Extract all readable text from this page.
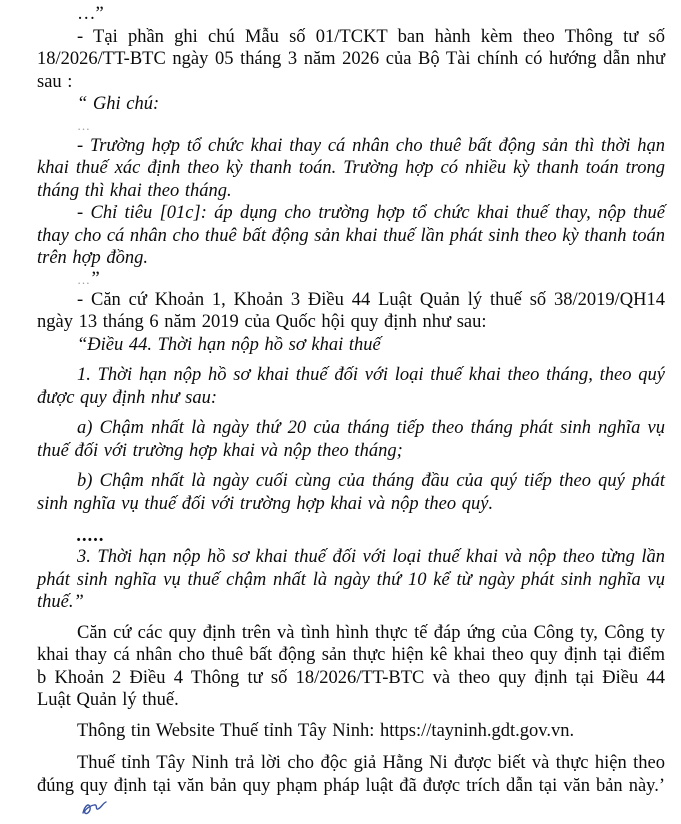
…”

- Tại phần ghi chú Mẫu số 01/TCKT ban hành kèm theo Thông tư số 18/2026/TT-BTC ngày 05 tháng 3 năm 2026 của Bộ Tài chính có hướng dẫn như sau :

“ Ghi chú:

…

- Trường hợp tổ chức khai thay cá nhân cho thuê bất động sản thì thời hạn khai thuế xác định theo kỳ thanh toán. Trường hợp có nhiều kỳ thanh toán trong tháng thì khai theo tháng.

- Chỉ tiêu [01c]: áp dụng cho trường hợp tổ chức khai thuế thay, nộp thuế thay cho cá nhân cho thuê bất động sản khai thuế lần phát sinh theo kỳ thanh toán trên hợp đồng.

…”

- Căn cứ Khoản 1, Khoản 3 Điều 44 Luật Quản lý thuế số 38/2019/QH14 ngày 13 tháng 6 năm 2019 của Quốc hội quy định như sau:

“Điều 44. Thời hạn nộp hồ sơ khai thuế

1. Thời hạn nộp hồ sơ khai thuế đối với loại thuế khai theo tháng, theo quý được quy định như sau:

a) Chậm nhất là ngày thứ 20 của tháng tiếp theo tháng phát sinh nghĩa vụ thuế đối với trường hợp khai và nộp theo tháng;

b) Chậm nhất là ngày cuối cùng của tháng đầu của quý tiếp theo quý phát sinh nghĩa vụ thuế đối với trường hợp khai và nộp theo quý.

.....

3. Thời hạn nộp hồ sơ khai thuế đối với loại thuế khai và nộp theo từng lần phát sinh nghĩa vụ thuế chậm nhất là ngày thứ 10 kể từ ngày phát sinh nghĩa vụ thuế.”

Căn cứ các quy định trên và tình hình thực tế đáp ứng của Công ty, Công ty khai thay cá nhân cho thuê bất động sản thực hiện kê khai theo quy định tại điểm b Khoản 2 Điều 4 Thông tư số 18/2026/TT-BTC và theo quy định tại Điều 44 Luật Quản lý thuế.

Thông tin Website Thuế tỉnh Tây Ninh: https://tayninh.gdt.gov.vn.

Thuế tỉnh Tây Ninh trả lời cho độc giả Hằng Ni được biết và thực hiện theo đúng quy định tại văn bản quy phạm pháp luật đã được trích dẫn tại văn bản này.’
